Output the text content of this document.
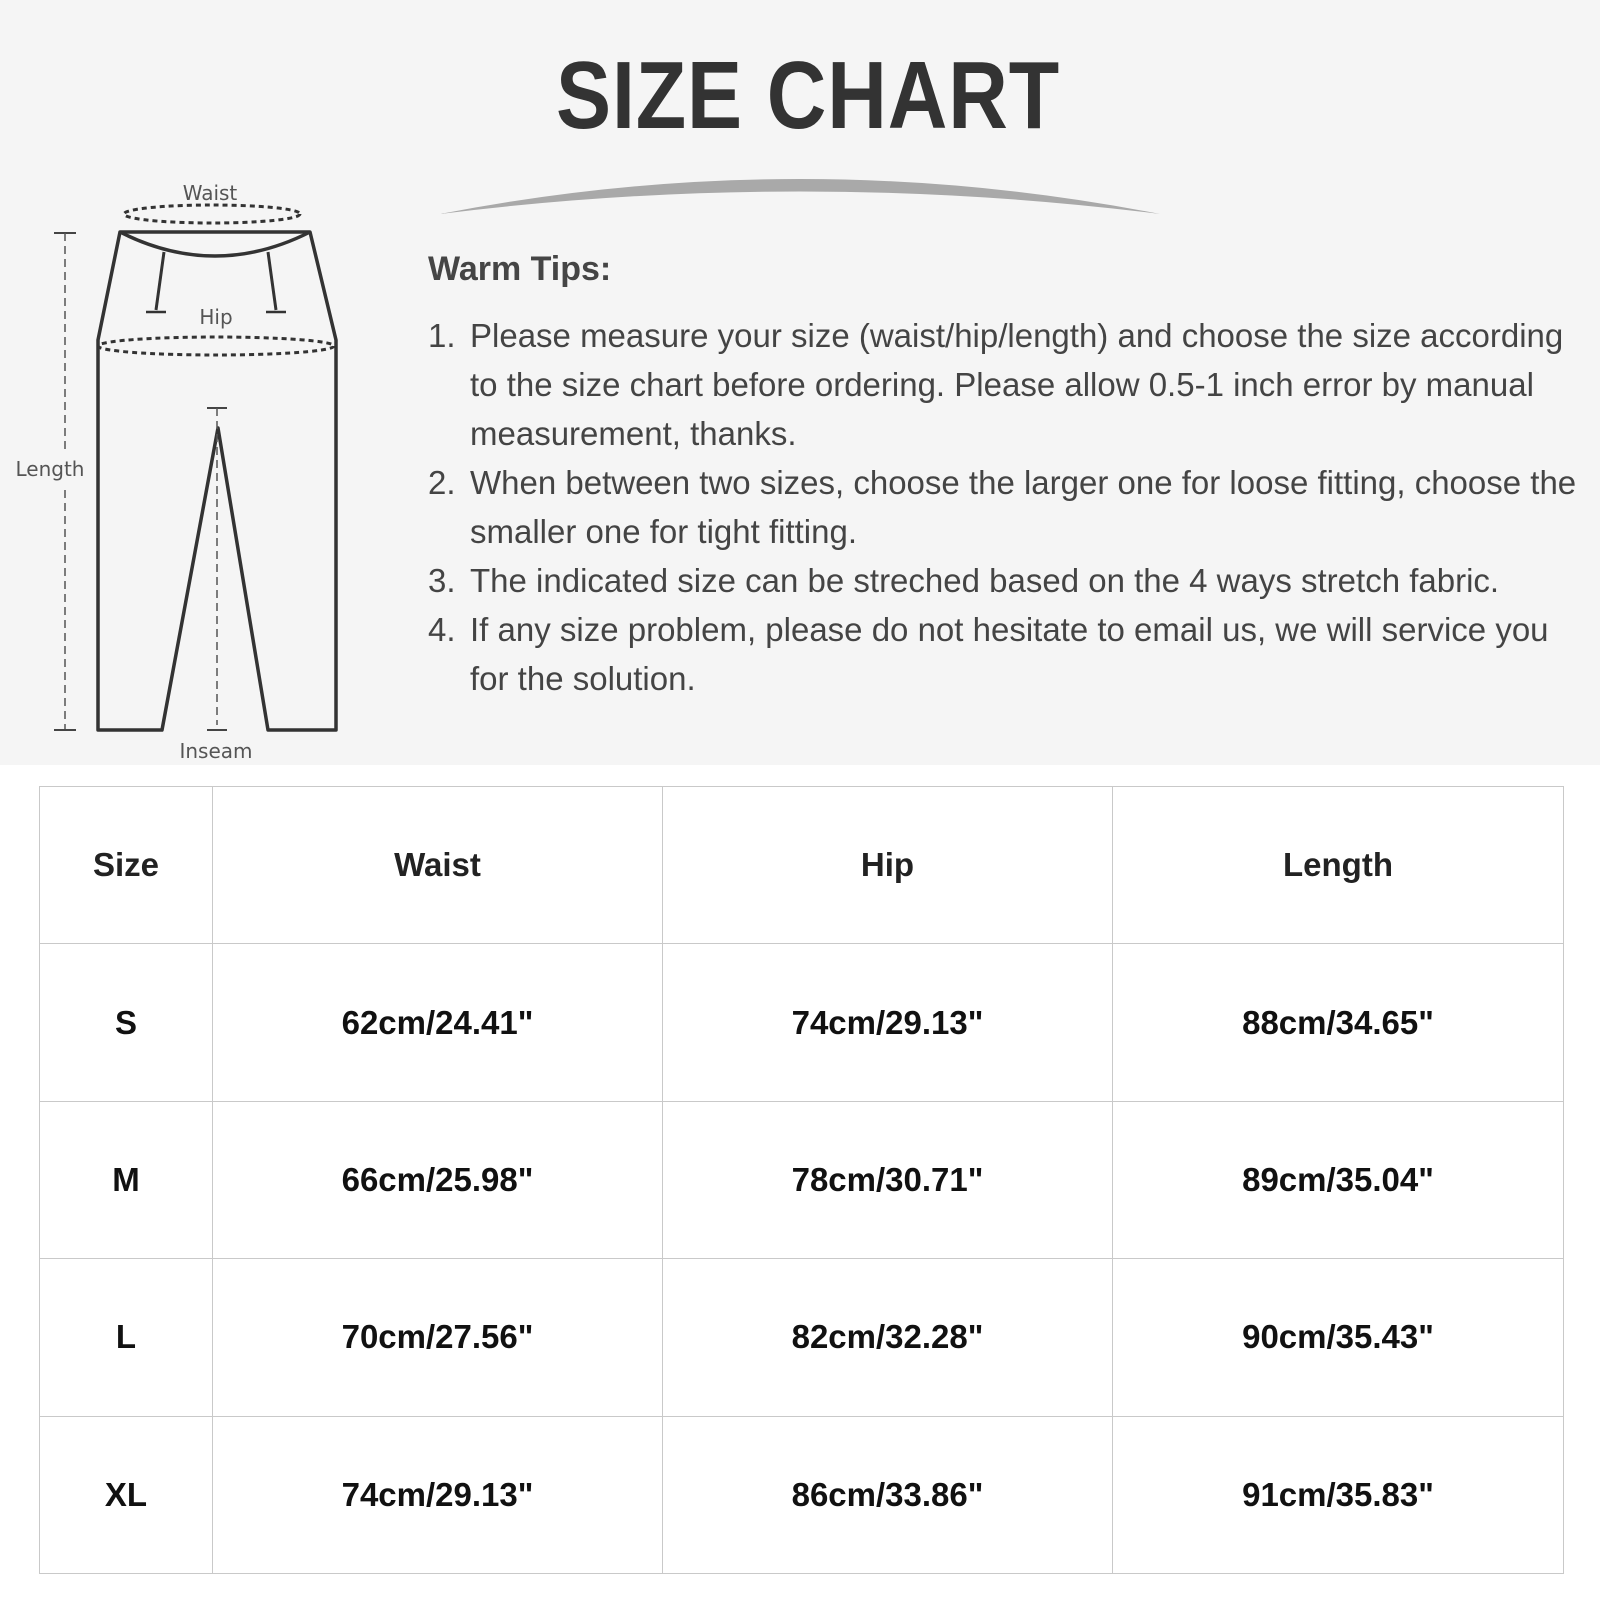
SIZE CHART
Waist
Length
Hip
Inseam
Warm Tips:
1. Please measure your size (waist/hip/length) and choose the size according to the size chart before ordering. Please allow 0.5-1 inch error by manual measurement, thanks.
2. When between two sizes, choose the larger one for loose fitting, choose the smaller one for tight fitting.
3. The indicated size can be streched based on the 4 ways stretch fabric.
4. If any size problem, please do not hesitate to email us, we will service you for the solution.
Size	Waist	Hip	Length
S	62cm/24.41"	74cm/29.13"	88cm/34.65"
M	66cm/25.98"	78cm/30.71"	89cm/35.04"
L	70cm/27.56"	82cm/32.28"	90cm/35.43"
XL	74cm/29.13"	86cm/33.86"	91cm/35.83"
